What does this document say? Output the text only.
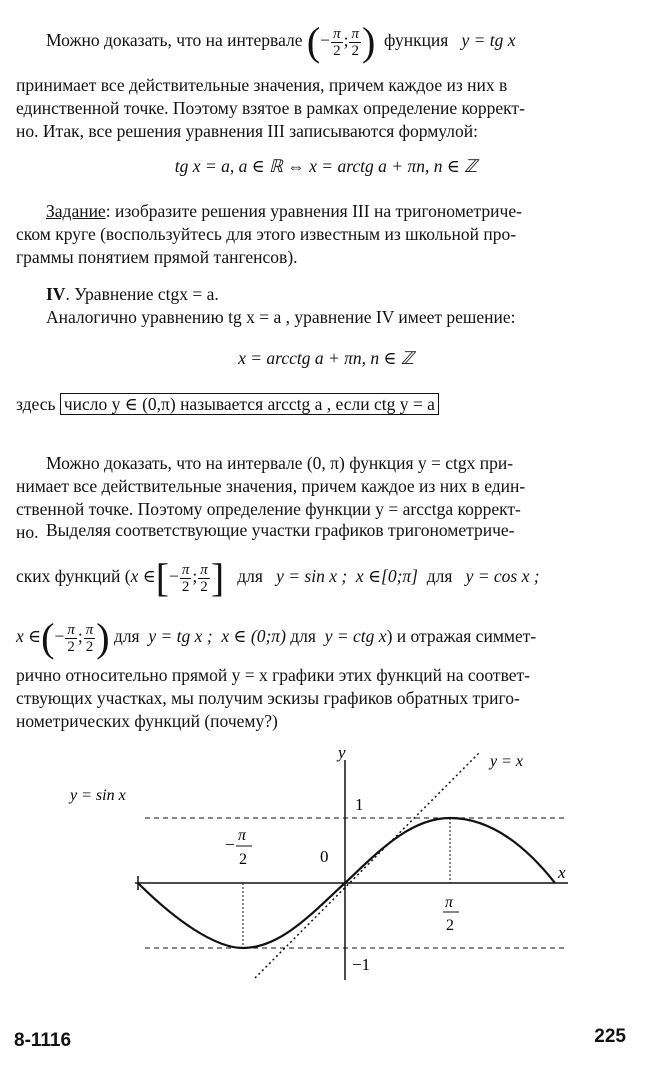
Можно доказать, что на интервале (− $\frac{\pi}{2}$ ; $\frac{\pi}{2}$ ) функция y = tg x
принимает все действительные значения, причем каждое из них в
единственной точке. Поэтому взятое в рамках определение коррект-
но. Итак, все решения уравнения III записываются формулой:
tg x = a, a ∈ ℝ ⇔ x = arctg a + πn, n ∈ ℤ
Задание: изобразите решения уравнения III на тригонометриче-
ском круге (воспользуйтесь для этого известным из школьной про-
граммы понятием прямой тангенсов).
IV. Уравнение ctgx = a.
Аналогично уравнению tg x = a , уравнение IV имеет решение:
x = arcctg a + πn, n ∈ ℤ
здесь число y ∈ (0,π) называется arcctg a , если ctg y = a
Можно доказать, что на интервале (0, π) функция y = ctgx при-
нимает все действительные значения, причем каждое из них в един-
ственной точке. Поэтому определение функции y = arcctga коррект-
но. Выделяя соответствующие участки графиков тригонометриче-
ских функций (x ∈[− $\frac{\pi}{2}$ ; $\frac{\pi}{2}$ ] для y = sin x ; x ∈[0;π] для y = cos x ;
x ∈(− $\frac{\pi}{2}$ ; $\frac{\pi}{2}$ ) для y = tg x ; x ∈ (0;π) для y = ctg x) и отражая симмет-
рично относительно прямой y = x графики этих функций на соответ-
ствующих участках, мы получим эскизы графиков обратных триго-
нометрических функций (почему?)
y
x
y = x
y = sin x	1
−1
0
− π
2
π
2
8-1116	225
